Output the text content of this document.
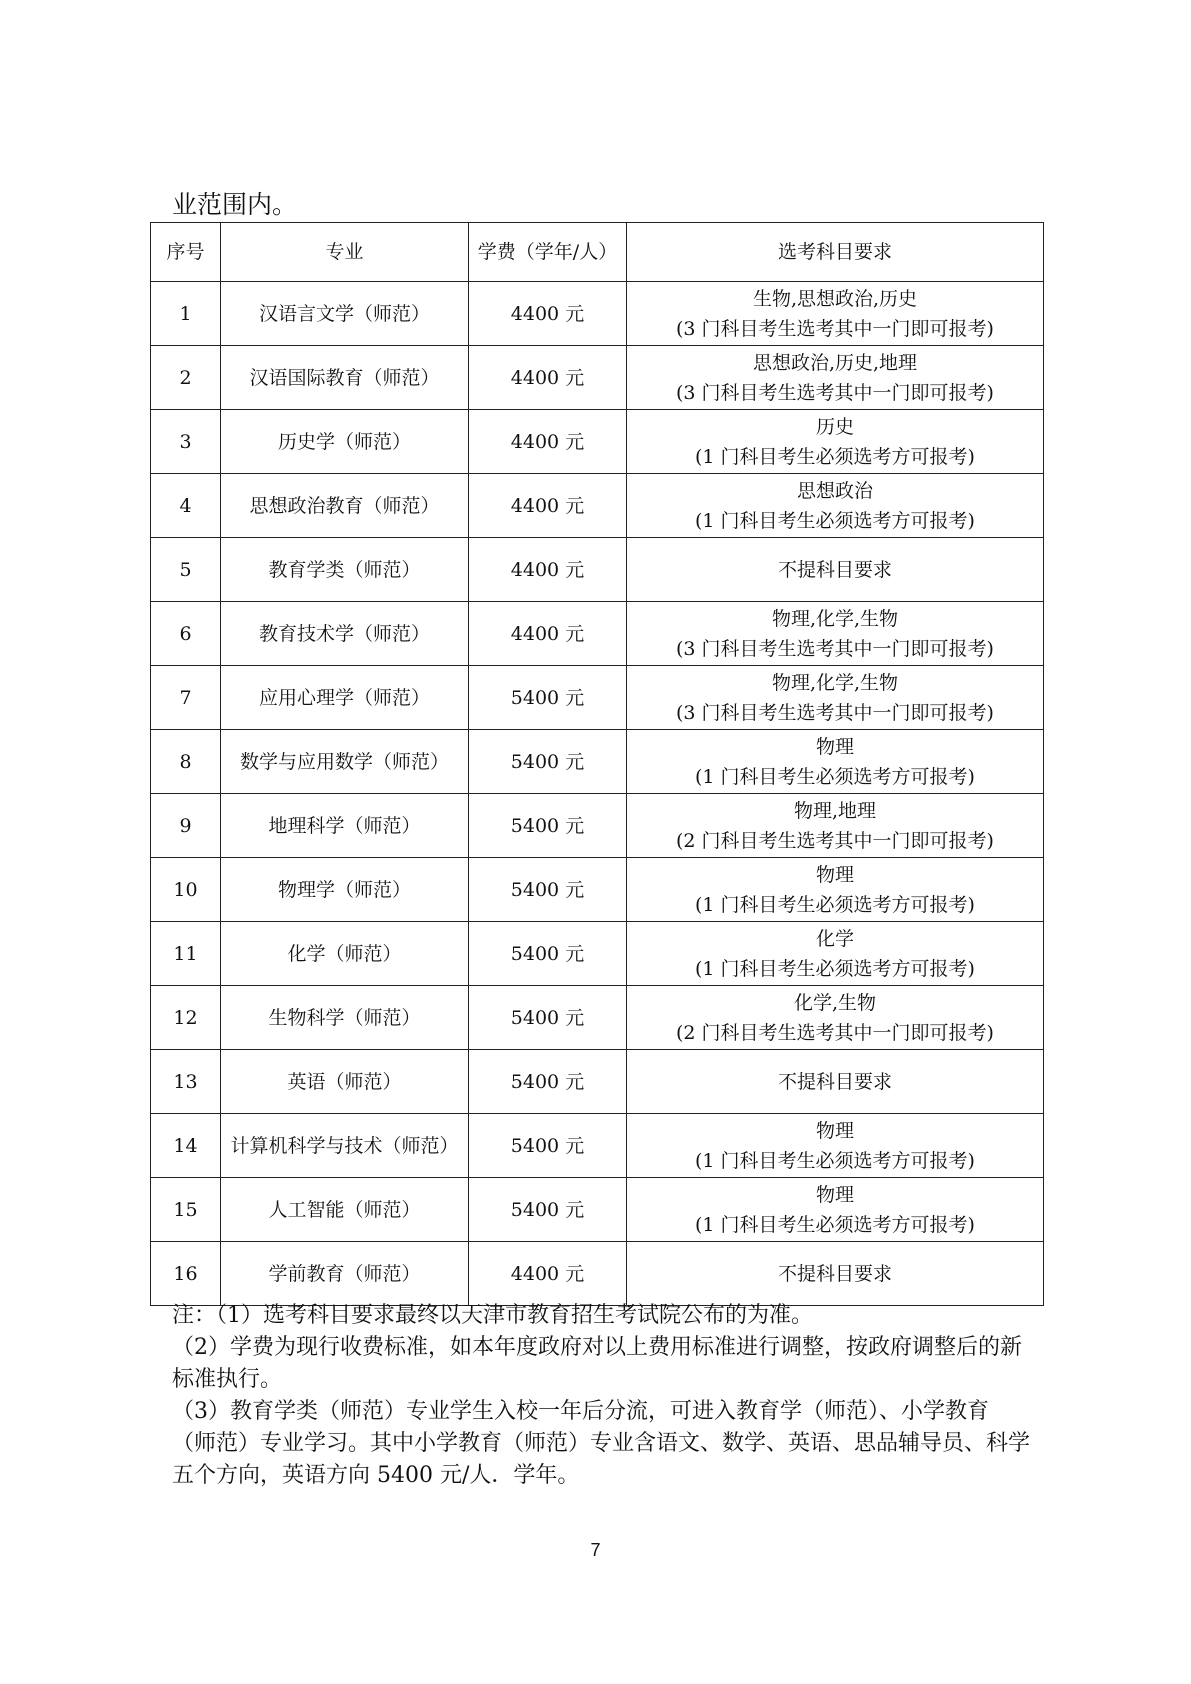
业范围内。
序号	专业	学费（学年/人）	选考科目要求
1	汉语言文学（师范）	4400 元	生物,思想政治,历史
(3 门科目考生选考其中一门即可报考)

2	汉语国际教育（师范）	4400 元	思想政治,历史,地理
(3 门科目考生选考其中一门即可报考)

3	历史学（师范）	4400 元	历史
(1 门科目考生必须选考方可报考)

4	思想政治教育（师范）	4400 元	思想政治
(1 门科目考生必须选考方可报考)

5	教育学类（师范）	4400 元	不提科目要求

6	教育技术学（师范）	4400 元	物理,化学,生物
(3 门科目考生选考其中一门即可报考)

7	应用心理学（师范）	5400 元	物理,化学,生物
(3 门科目考生选考其中一门即可报考)

8	数学与应用数学（师范）	5400 元	物理
(1 门科目考生必须选考方可报考)

9	地理科学（师范）	5400 元	物理,地理
(2 门科目考生选考其中一门即可报考)

10	物理学（师范）	5400 元	物理
(1 门科目考生必须选考方可报考)

11	化学（师范）	5400 元	化学
(1 门科目考生必须选考方可报考)

12	生物科学（师范）	5400 元	化学,生物
(2 门科目考生选考其中一门即可报考)

13	英语（师范）	5400 元	不提科目要求

14	计算机科学与技术（师范）	5400 元	物理
(1 门科目考生必须选考方可报考)

15	人工智能（师范）	5400 元	物理
(1 门科目考生必须选考方可报考)

16	学前教育（师范）	4400 元	不提科目要求

注：（1）选考科目要求最终以天津市教育招生考试院公布的为准。

（2）学费为现行收费标准，如本年度政府对以上费用标准进行调整，按政府调整后的新标准执行。

（3）教育学类（师范）专业学生入校一年后分流，可进入教育学（师范）、小学教育（师范）专业学习。其中小学教育（师范）专业含语文、数学、英语、思品辅导员、科学五个方向，英语方向 5400 元/人．学年。

7
